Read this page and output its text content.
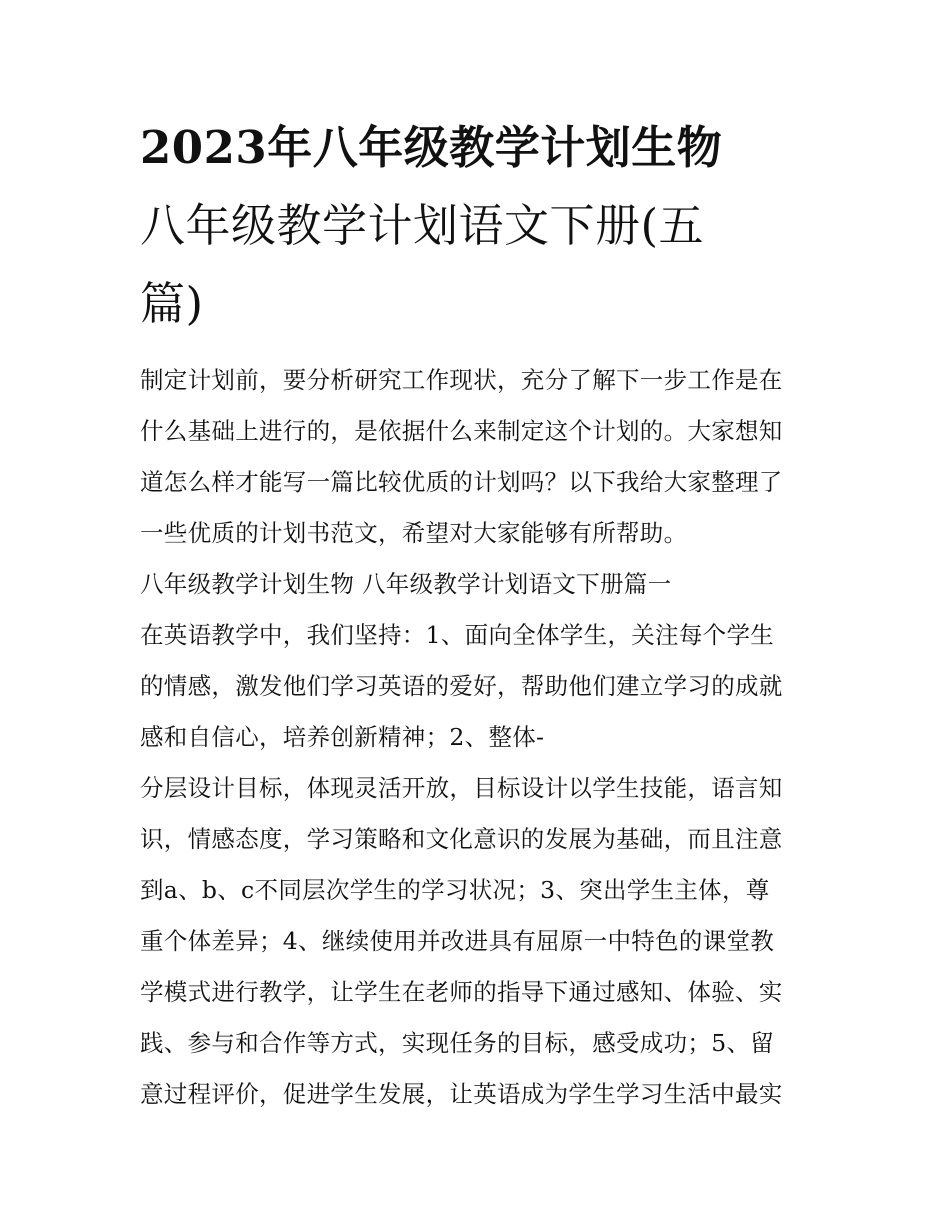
2023年八年级教学计划生物
八年级教学计划语文下册(五
篇)
制定计划前，要分析研究工作现状，充分了解下一步工作是在
什么基础上进行的，是依据什么来制定这个计划的。大家想知
道怎么样才能写一篇比较优质的计划吗？以下我给大家整理了
一些优质的计划书范文，希望对大家能够有所帮助。
八年级教学计划生物 八年级教学计划语文下册篇一
在英语教学中，我们坚持：1、面向全体学生，关注每个学生
的情感，激发他们学习英语的爱好，帮助他们建立学习的成就
感和自信心，培养创新精神；2、整体-
分层设计目标，体现灵活开放，目标设计以学生技能，语言知
识，情感态度，学习策略和文化意识的发展为基础，而且注意
到a、b、c不同层次学生的学习状况；3、突出学生主体，尊
重个体差异；4、继续使用并改进具有屈原一中特色的课堂教
学模式进行教学，让学生在老师的指导下通过感知、体验、实
践、参与和合作等方式，实现任务的目标，感受成功；5、留
意过程评价，促进学生发展，让英语成为学生学习生活中最实
